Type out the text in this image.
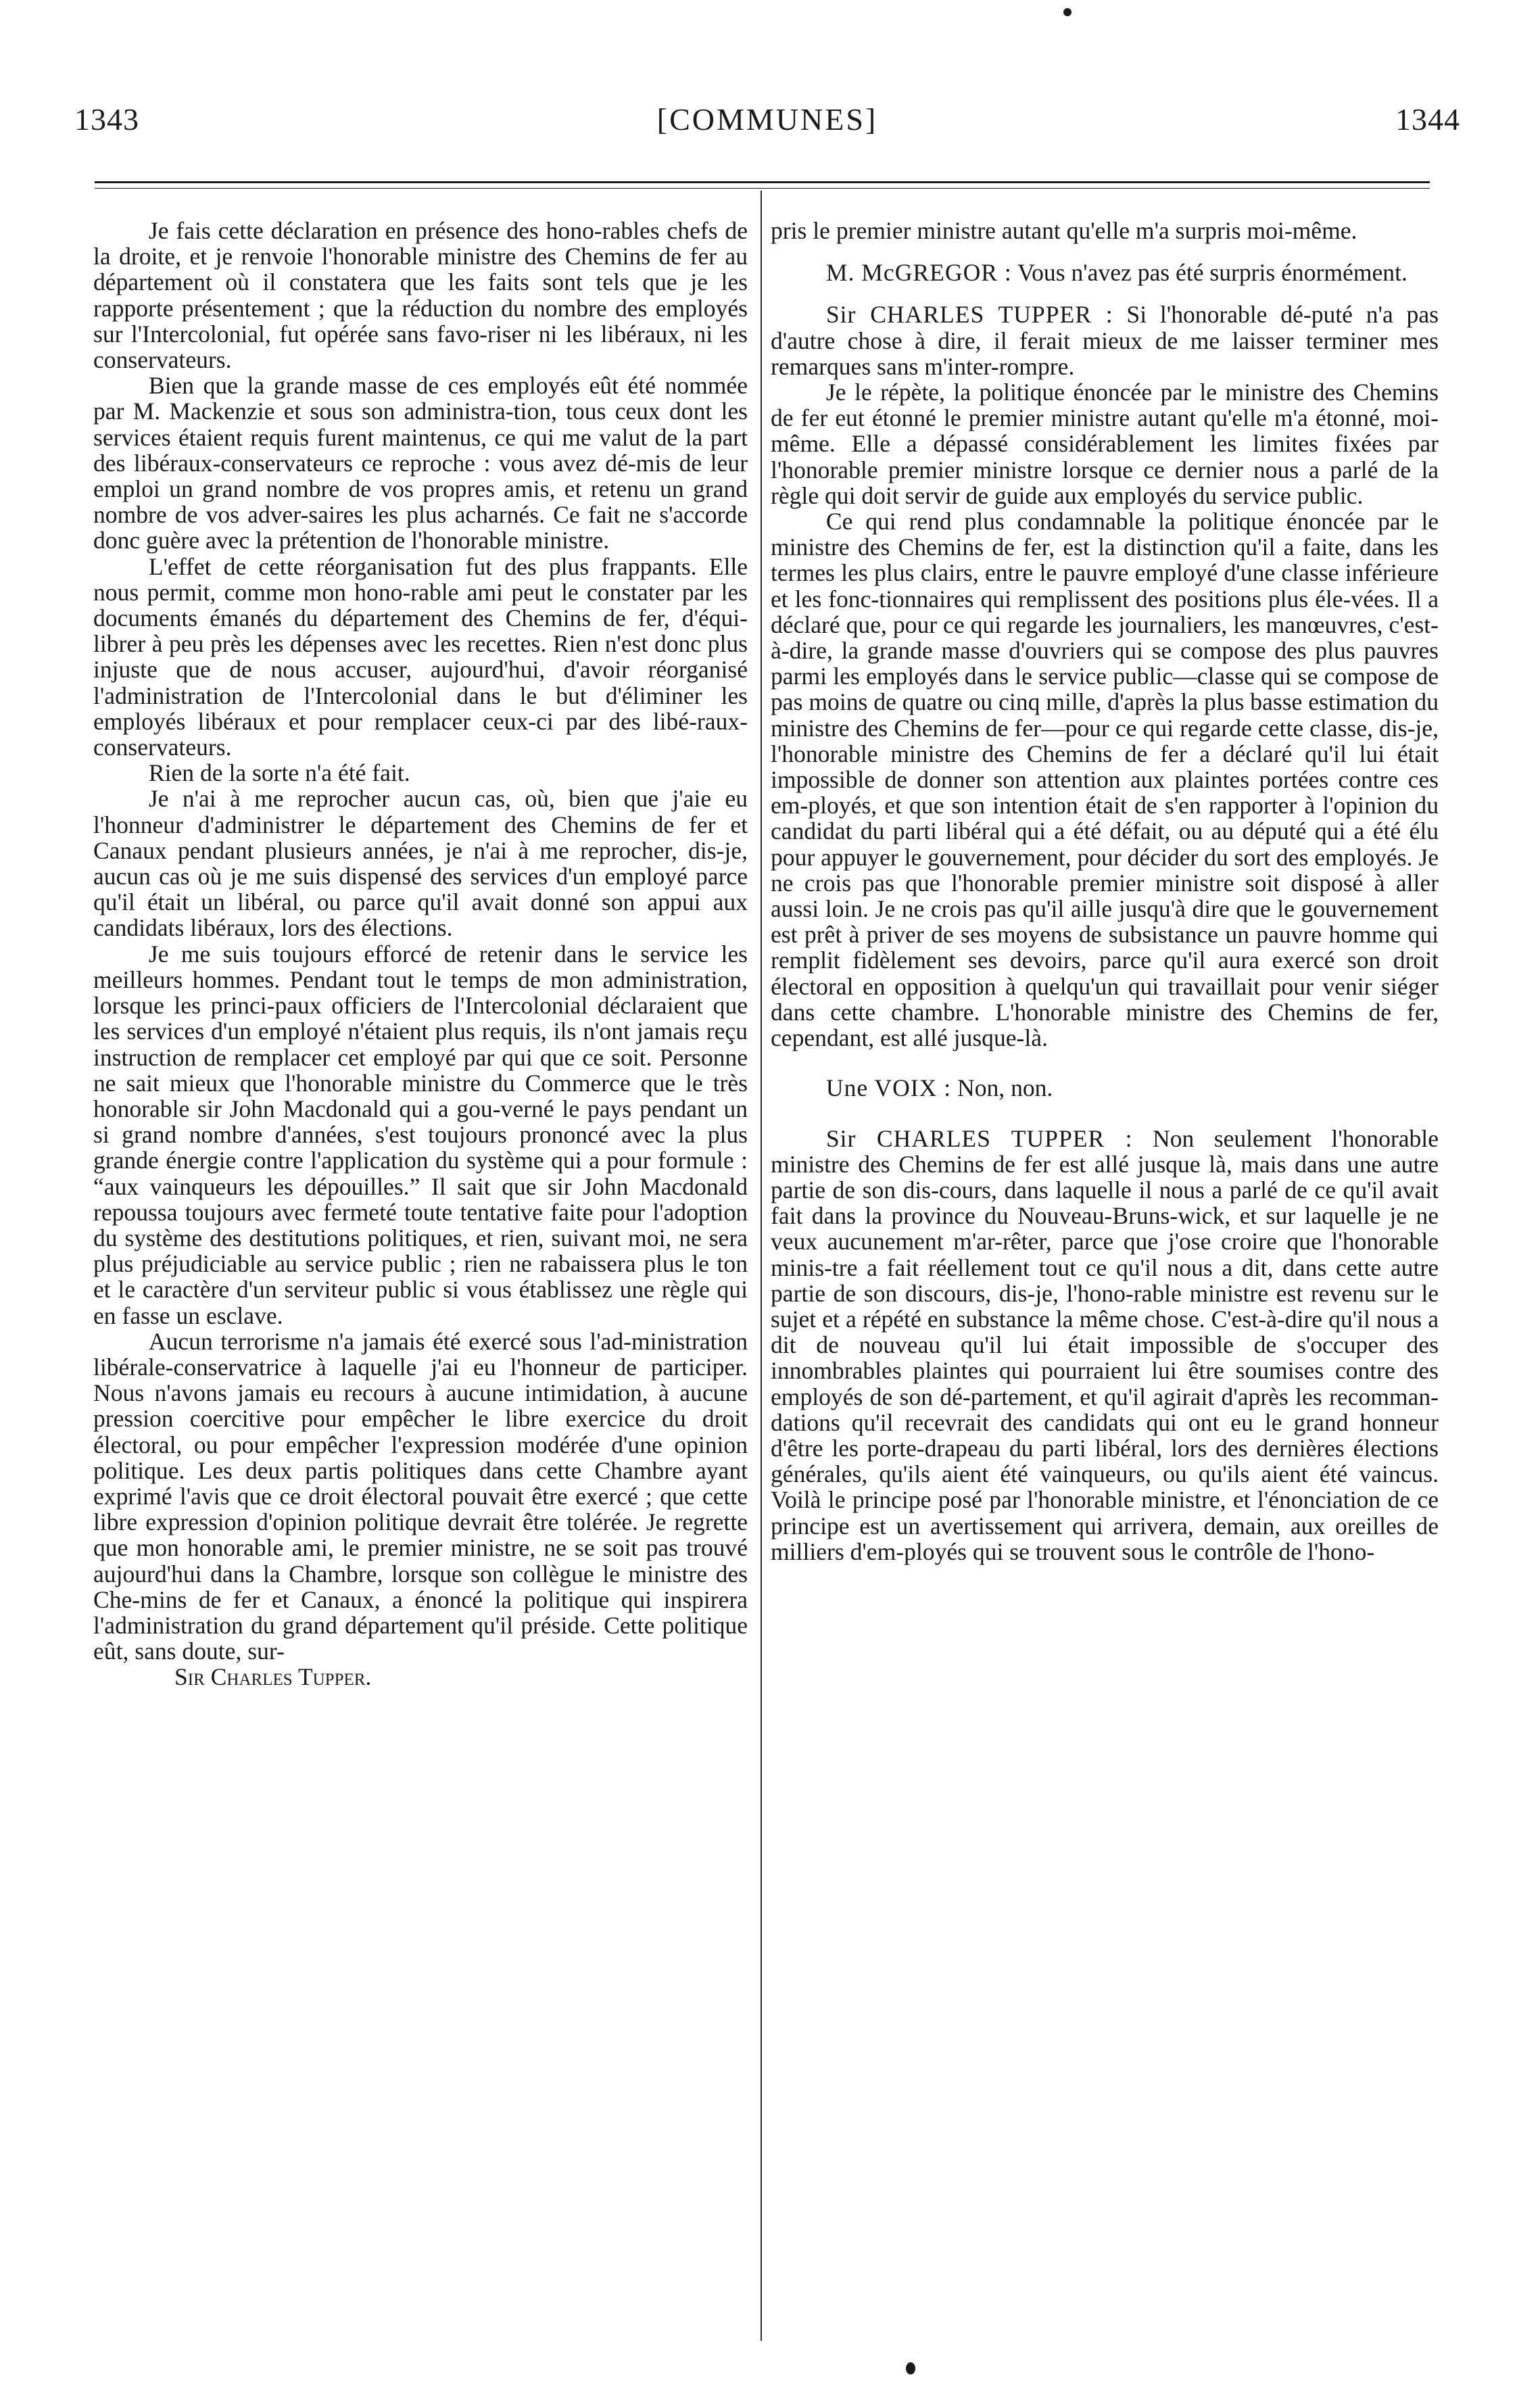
1343	[COMMUNES]	1344

Je fais cette déclaration en présence des hono-rables chefs de la droite, et je renvoie l'honorable ministre des Chemins de fer au département où il constatera que les faits sont tels que je les rapporte présentement ; que la réduction du nombre des employés sur l'Intercolonial, fut opérée sans favo-riser ni les libéraux, ni les conservateurs.

Bien que la grande masse de ces employés eût été nommée par M. Mackenzie et sous son administra-tion, tous ceux dont les services étaient requis furent maintenus, ce qui me valut de la part des libéraux-conservateurs ce reproche : vous avez dé-mis de leur emploi un grand nombre de vos propres amis, et retenu un grand nombre de vos adver-saires les plus acharnés. Ce fait ne s'accorde donc guère avec la prétention de l'honorable ministre.

L'effet de cette réorganisation fut des plus frappants. Elle nous permit, comme mon hono-rable ami peut le constater par les documents émanés du département des Chemins de fer, d'équi-librer à peu près les dépenses avec les recettes. Rien n'est donc plus injuste que de nous accuser, aujourd'hui, d'avoir réorganisé l'administration de l'Intercolonial dans le but d'éliminer les employés libéraux et pour remplacer ceux-ci par des libé-raux-conservateurs.

Rien de la sorte n'a été fait.

Je n'ai à me reprocher aucun cas, où, bien que j'aie eu l'honneur d'administrer le département des Chemins de fer et Canaux pendant plusieurs années, je n'ai à me reprocher, dis-je, aucun cas où je me suis dispensé des services d'un employé parce qu'il était un libéral, ou parce qu'il avait donné son appui aux candidats libéraux, lors des élections.

Je me suis toujours efforcé de retenir dans le service les meilleurs hommes. Pendant tout le temps de mon administration, lorsque les princi-paux officiers de l'Intercolonial déclaraient que les services d'un employé n'étaient plus requis, ils n'ont jamais reçu instruction de remplacer cet employé par qui que ce soit. Personne ne sait mieux que l'honorable ministre du Commerce que le très honorable sir John Macdonald qui a gou-verné le pays pendant un si grand nombre d'années, s'est toujours prononcé avec la plus grande énergie contre l'application du système qui a pour formule : “aux vainqueurs les dépouilles.” Il sait que sir John Macdonald repoussa toujours avec fermeté toute tentative faite pour l'adoption du système des destitutions politiques, et rien, suivant moi, ne sera plus préjudiciable au service public ; rien ne rabaissera plus le ton et le caractère d'un serviteur public si vous établissez une règle qui en fasse un esclave.

Aucun terrorisme n'a jamais été exercé sous l'ad-ministration libérale-conservatrice à laquelle j'ai eu l'honneur de participer. Nous n'avons jamais eu recours à aucune intimidation, à aucune pression coercitive pour empêcher le libre exercice du droit électoral, ou pour empêcher l'expression modérée d'une opinion politique. Les deux partis politiques dans cette Chambre ayant exprimé l'avis que ce droit électoral pouvait être exercé ; que cette libre expression d'opinion politique devrait être tolérée. Je regrette que mon honorable ami, le premier ministre, ne se soit pas trouvé aujourd'hui dans la Chambre, lorsque son collègue le ministre des Che-mins de fer et Canaux, a énoncé la politique qui inspirera l'administration du grand département qu'il préside. Cette politique eût, sans doute, sur-

Sir Charles Tupper.

pris le premier ministre autant qu'elle m'a surpris moi-même.

M. McGREGOR : Vous n'avez pas été surpris énormément.

Sir CHARLES TUPPER : Si l'honorable dé-puté n'a pas d'autre chose à dire, il ferait mieux de me laisser terminer mes remarques sans m'inter-rompre.

Je le répète, la politique énoncée par le ministre des Chemins de fer eut étonné le premier ministre autant qu'elle m'a étonné, moi-même. Elle a dépassé considérablement les limites fixées par l'honorable premier ministre lorsque ce dernier nous a parlé de la règle qui doit servir de guide aux employés du service public.

Ce qui rend plus condamnable la politique énoncée par le ministre des Chemins de fer, est la distinction qu'il a faite, dans les termes les plus clairs, entre le pauvre employé d'une classe inférieure et les fonc-tionnaires qui remplissent des positions plus éle-vées. Il a déclaré que, pour ce qui regarde les journaliers, les manœuvres, c'est-à-dire, la grande masse d'ouvriers qui se compose des plus pauvres parmi les employés dans le service public—classe qui se compose de pas moins de quatre ou cinq mille, d'après la plus basse estimation du ministre des Chemins de fer—pour ce qui regarde cette classe, dis-je, l'honorable ministre des Chemins de fer a déclaré qu'il lui était impossible de donner son attention aux plaintes portées contre ces em-ployés, et que son intention était de s'en rapporter à l'opinion du candidat du parti libéral qui a été défait, ou au député qui a été élu pour appuyer le gouvernement, pour décider du sort des employés. Je ne crois pas que l'honorable premier ministre soit disposé à aller aussi loin. Je ne crois pas qu'il aille jusqu'à dire que le gouvernement est prêt à priver de ses moyens de subsistance un pauvre homme qui remplit fidèlement ses devoirs, parce qu'il aura exercé son droit électoral en opposition à quelqu'un qui travaillait pour venir siéger dans cette chambre. L'honorable ministre des Chemins de fer, cependant, est allé jusque-là.

Une VOIX : Non, non.

Sir CHARLES TUPPER : Non seulement l'honorable ministre des Chemins de fer est allé jusque là, mais dans une autre partie de son dis-cours, dans laquelle il nous a parlé de ce qu'il avait fait dans la province du Nouveau-Bruns-wick, et sur laquelle je ne veux aucunement m'ar-rêter, parce que j'ose croire que l'honorable minis-tre a fait réellement tout ce qu'il nous a dit, dans cette autre partie de son discours, dis-je, l'hono-rable ministre est revenu sur le sujet et a répété en substance la même chose. C'est-à-dire qu'il nous a dit de nouveau qu'il lui était impossible de s'occuper des innombrables plaintes qui pourraient lui être soumises contre des employés de son dé-partement, et qu'il agirait d'après les recomman-dations qu'il recevrait des candidats qui ont eu le grand honneur d'être les porte-drapeau du parti libéral, lors des dernières élections générales, qu'ils aient été vainqueurs, ou qu'ils aient été vaincus. Voilà le principe posé par l'honorable ministre, et l'énonciation de ce principe est un avertissement qui arrivera, demain, aux oreilles de milliers d'em-ployés qui se trouvent sous le contrôle de l'hono-
